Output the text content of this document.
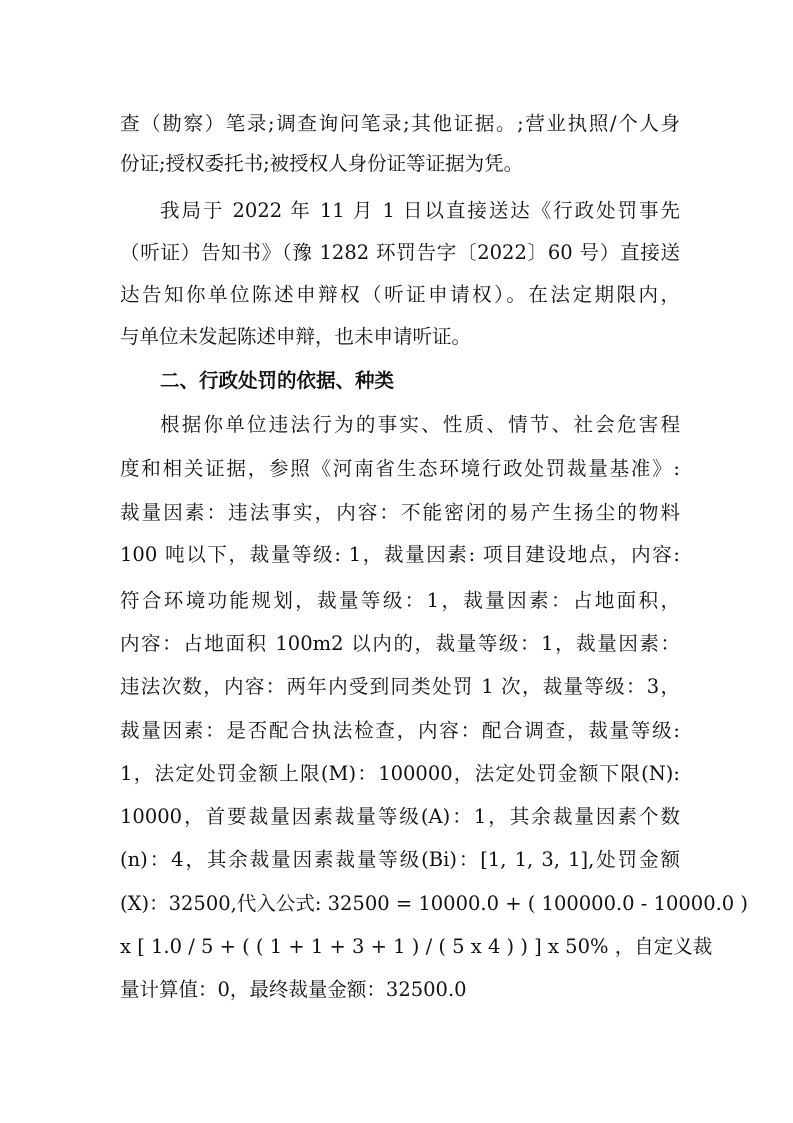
查（勘察）笔录;调查询问笔录;其他证据。;营业执照/个人身
份证;授权委托书;被授权人身份证等证据为凭。
我局于 2022 年 11 月 1 日以直接送达《行政处罚事先
（听证）告知书》（豫 1282 环罚告字〔2022〕60 号）直接送
达告知你单位陈述申辩权（听证申请权）。在法定期限内，
与单位未发起陈述申辩，也未申请听证。
二、行政处罚的依据、种类
根据你单位违法行为的事实、性质、情节、社会危害程
度和相关证据，参照《河南省生态环境行政处罚裁量基准》:
裁量因素：违法事实，内容：不能密闭的易产生扬尘的物料
100 吨以下，裁量等级: 1，裁量因素: 项目建设地点，内容:
符合环境功能规划，裁量等级：1，裁量因素：占地面积，
内容：占地面积 100m2 以内的，裁量等级：1，裁量因素：
违法次数，内容：两年内受到同类处罚 1 次，裁量等级：3，
裁量因素：是否配合执法检查，内容：配合调查，裁量等级:
1，法定处罚金额上限(M)：100000，法定处罚金额下限(N):
10000，首要裁量因素裁量等级(A)：1，其余裁量因素个数
(n)：4，其余裁量因素裁量等级(Bi)：[1, 1, 3, 1],处罚金额
(X)：32500,代入公式: 32500 = 10000.0 + ( 100000.0 - 10000.0 )
x [ 1.0 / 5 + ( ( 1 + 1 + 3 + 1 ) / ( 5 x 4 ) ) ] x 50% ，自定义裁
量计算值：0，最终裁量金额：32500.0
